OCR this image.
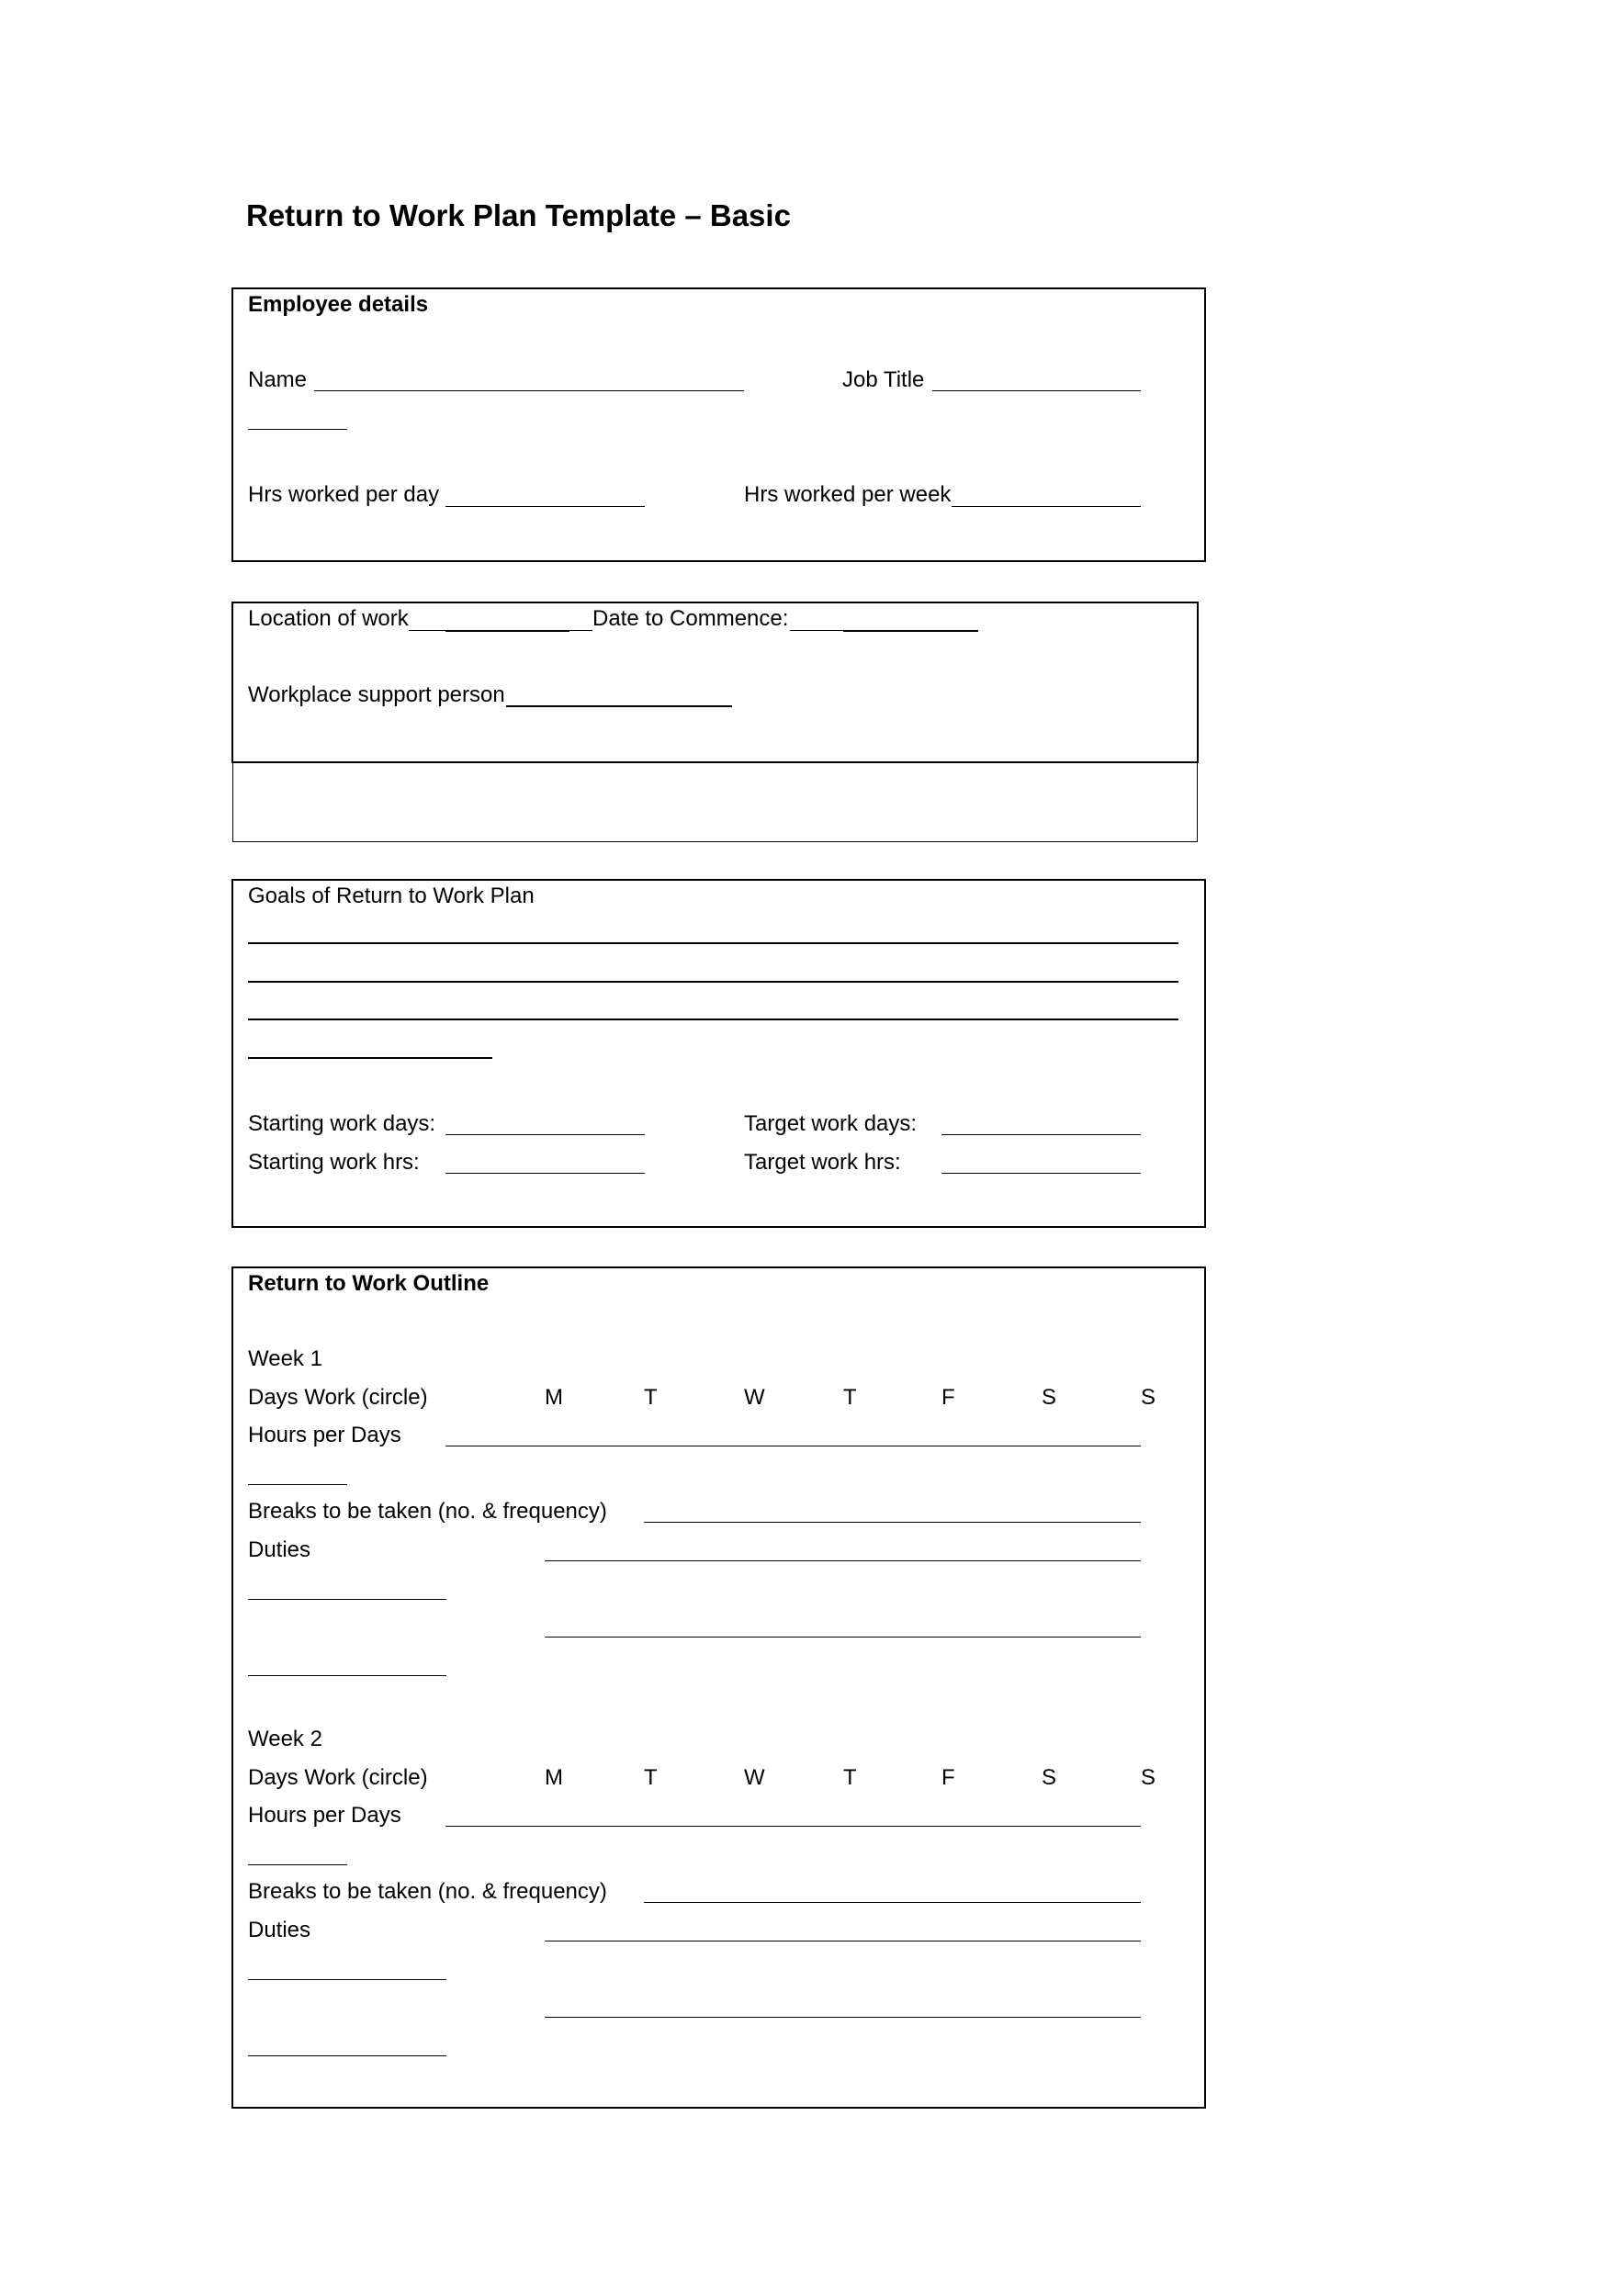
Return to Work Plan Template – Basic
Employee details
Name	Job Title
Hrs worked per day	Hrs worked per week
Location of work	Date to Commence:
Workplace support person
Goals of Return to Work Plan
Starting work days:	Target work days:
Starting work hrs:	Target work hrs:
Return to Work Outline
Week 1
Days Work (circle)	M	T	W	T	F	S	S
Hours per Days
Breaks to be taken (no. & frequency)
Duties
Week 2
Days Work (circle)	M	T	W	T	F	S	S
Hours per Days
Breaks to be taken (no. & frequency)
Duties
